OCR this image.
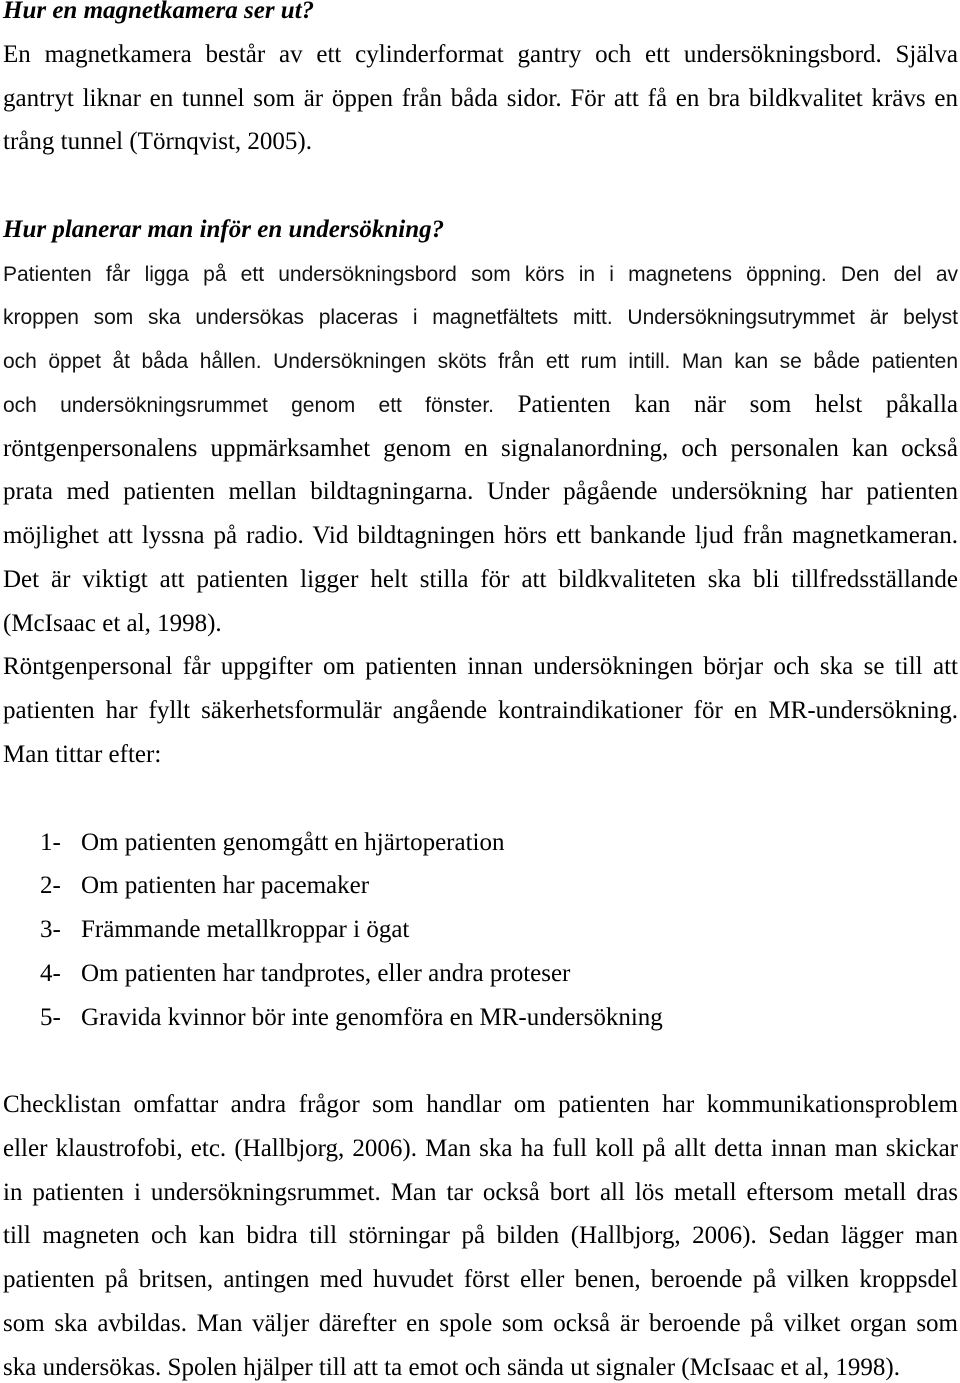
Hur en magnetkamera ser ut?
En magnetkamera består av ett cylinderformat gantry och ett undersökningsbord. Själva
gantryt liknar en tunnel som är öppen från båda sidor. För att få en bra bildkvalitet krävs en
trång tunnel (Törnqvist, 2005).
Hur planerar man inför en undersökning?
Patienten får ligga på ett undersökningsbord som körs in i magnetens öppning. Den del av
kroppen som ska undersökas placeras i magnetfältets mitt. Undersökningsutrymmet är belyst
och öppet åt båda hållen. Undersökningen sköts från ett rum intill. Man kan se både patienten
och undersökningsrummet genom ett fönster. Patienten kan när som helst påkalla
röntgenpersonalens uppmärksamhet genom en signalanordning, och personalen kan också
prata med patienten mellan bildtagningarna. Under pågående undersökning har patienten
möjlighet att lyssna på radio. Vid bildtagningen hörs ett bankande ljud från magnetkameran.
Det är viktigt att patienten ligger helt stilla för att bildkvaliteten ska bli tillfredsställande
(McIsaac et al, 1998).
Röntgenpersonal får uppgifter om patienten innan undersökningen börjar och ska se till att
patienten har fyllt säkerhetsformulär angående kontraindikationer för en MR-undersökning.
Man tittar efter:
1- Om patienten genomgått en hjärtoperation
2- Om patienten har pacemaker
3- Främmande metallkroppar i ögat
4- Om patienten har tandprotes, eller andra proteser
5- Gravida kvinnor bör inte genomföra en MR-undersökning
Checklistan omfattar andra frågor som handlar om patienten har kommunikationsproblem
eller klaustrofobi, etc. (Hallbjorg, 2006). Man ska ha full koll på allt detta innan man skickar
in patienten i undersökningsrummet. Man tar också bort all lös metall eftersom metall dras
till magneten och kan bidra till störningar på bilden (Hallbjorg, 2006). Sedan lägger man
patienten på britsen, antingen med huvudet först eller benen, beroende på vilken kroppsdel
som ska avbildas. Man väljer därefter en spole som också är beroende på vilket organ som
ska undersökas. Spolen hjälper till att ta emot och sända ut signaler (McIsaac et al, 1998).
